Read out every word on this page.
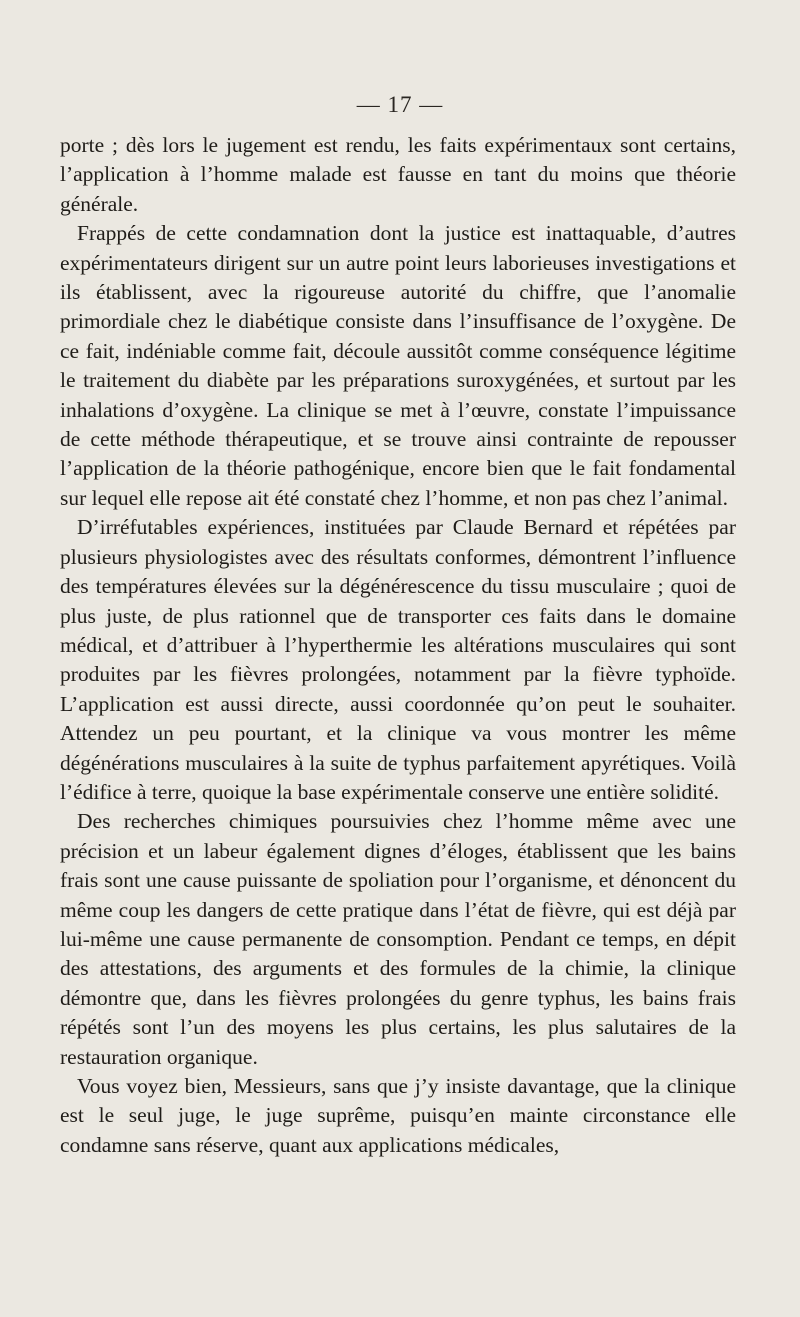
— 17 —

porte ; dès lors le jugement est rendu, les faits expérimentaux sont certains, l’application à l’homme malade est fausse en tant du moins que théorie générale.

Frappés de cette condamnation dont la justice est inattaquable, d’autres expérimentateurs dirigent sur un autre point leurs laborieuses investigations et ils établissent, avec la rigoureuse autorité du chiffre, que l’anomalie primordiale chez le diabétique consiste dans l’insuffisance de l’oxygène. De ce fait, indéniable comme fait, découle aussitôt comme conséquence légitime le traitement du diabète par les préparations suroxygénées, et surtout par les inhalations d’oxygène. La clinique se met à l’œuvre, constate l’impuissance de cette méthode thérapeutique, et se trouve ainsi contrainte de repousser l’application de la théorie pathogénique, encore bien que le fait fondamental sur lequel elle repose ait été constaté chez l’homme, et non pas chez l’animal.

D’irréfutables expériences, instituées par Claude Bernard et répétées par plusieurs physiologistes avec des résultats conformes, démontrent l’influence des températures élevées sur la dégénérescence du tissu musculaire ; quoi de plus juste, de plus rationnel que de transporter ces faits dans le domaine médical, et d’attribuer à l’hyperthermie les altérations musculaires qui sont produites par les fièvres prolongées, notamment par la fièvre typhoïde. L’application est aussi directe, aussi coordonnée qu’on peut le souhaiter. Attendez un peu pourtant, et la clinique va vous montrer les même dégénérations musculaires à la suite de typhus parfaitement apyrétiques. Voilà l’édifice à terre, quoique la base expérimentale conserve une entière solidité.

Des recherches chimiques poursuivies chez l’homme même avec une précision et un labeur également dignes d’éloges, établissent que les bains frais sont une cause puissante de spoliation pour l’organisme, et dénoncent du même coup les dangers de cette pratique dans l’état de fièvre, qui est déjà par lui-même une cause permanente de consomption. Pendant ce temps, en dépit des attestations, des arguments et des formules de la chimie, la clinique démontre que, dans les fièvres prolongées du genre typhus, les bains frais répétés sont l’un des moyens les plus certains, les plus salutaires de la restauration organique.

Vous voyez bien, Messieurs, sans que j’y insiste davantage, que la clinique est le seul juge, le juge suprême, puisqu’en mainte circonstance elle condamne sans réserve, quant aux applications médicales,
